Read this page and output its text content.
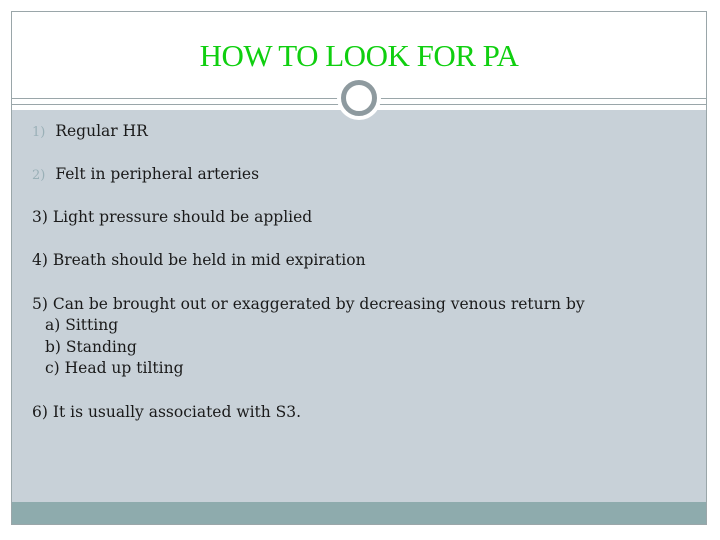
HOW TO LOOK FOR PA
1) Regular HR
2) Felt in peripheral arteries
3) Light pressure should be applied
4) Breath should be held in mid expiration
5) Can be brought out or exaggerated by decreasing venous return by
a) Sitting
b) Standing
c) Head up tilting
6) It is usually associated with S3.
